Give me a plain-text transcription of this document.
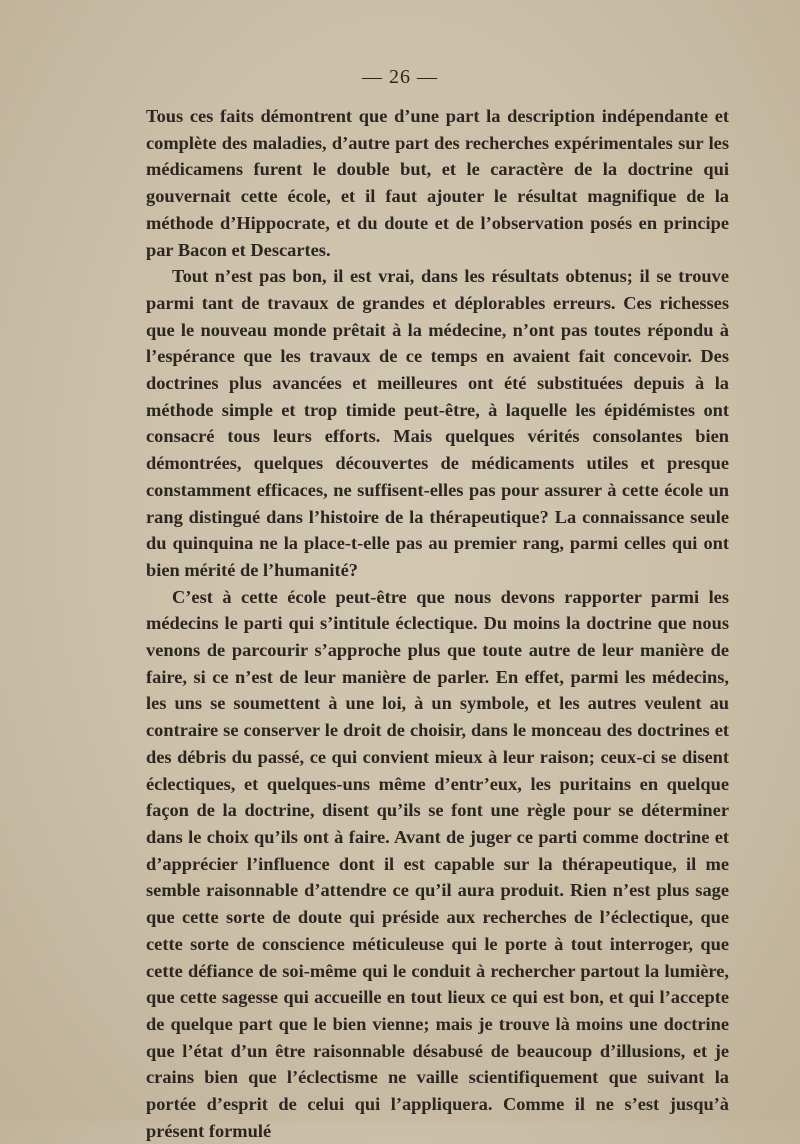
— 26 —

Tous ces faits démontrent que d’une part la description indépendante et complète des maladies, d’autre part des recherches expérimentales sur les médicamens furent le double but, et le caractère de la doctrine qui gouvernait cette école, et il faut ajouter le résultat magnifique de la méthode d’Hippocrate, et du doute et de l’observation posés en principe par Bacon et Descartes.

Tout n’est pas bon, il est vrai, dans les résultats obtenus; il se trouve parmi tant de travaux de grandes et déplorables erreurs. Ces richesses que le nouveau monde prêtait à la médecine, n’ont pas toutes répondu à l’espérance que les travaux de ce temps en avaient fait concevoir. Des doctrines plus avancées et meilleures ont été substituées depuis à la méthode simple et trop timide peut-être, à laquelle les épidémistes ont consacré tous leurs efforts. Mais quelques vérités consolantes bien démontrées, quelques découvertes de médicaments utiles et presque constamment efficaces, ne suffisent-elles pas pour assurer à cette école un rang distingué dans l’histoire de la thérapeutique? La connaissance seule du quinquina ne la place-t-elle pas au premier rang, parmi celles qui ont bien mérité de l’humanité?

C’est à cette école peut-être que nous devons rapporter parmi les médecins le parti qui s’intitule éclectique. Du moins la doctrine que nous venons de parcourir s’approche plus que toute autre de leur manière de faire, si ce n’est de leur manière de parler. En effet, parmi les médecins, les uns se soumettent à une loi, à un symbole, et les autres veulent au contraire se conserver le droit de choisir, dans le monceau des doctrines et des débris du passé, ce qui convient mieux à leur raison; ceux-ci se disent éclectiques, et quelques-uns même d’entr’eux, les puritains en quelque façon de la doctrine, disent qu’ils se font une règle pour se déterminer dans le choix qu’ils ont à faire. Avant de juger ce parti comme doctrine et d’apprécier l’influence dont il est capable sur la thérapeutique, il me semble raisonnable d’attendre ce qu’il aura produit. Rien n’est plus sage que cette sorte de doute qui préside aux recherches de l’éclectique, que cette sorte de conscience méticuleuse qui le porte à tout interroger, que cette défiance de soi-même qui le conduit à rechercher partout la lumière, que cette sagesse qui accueille en tout lieux ce qui est bon, et qui l’accepte de quelque part que le bien vienne; mais je trouve là moins une doctrine que l’état d’un être raisonnable désabusé de beaucoup d’illusions, et je crains bien que l’éclectisme ne vaille scientifiquement que suivant la portée d’esprit de celui qui l’appliquera. Comme il ne s’est jusqu’à présent formulé
